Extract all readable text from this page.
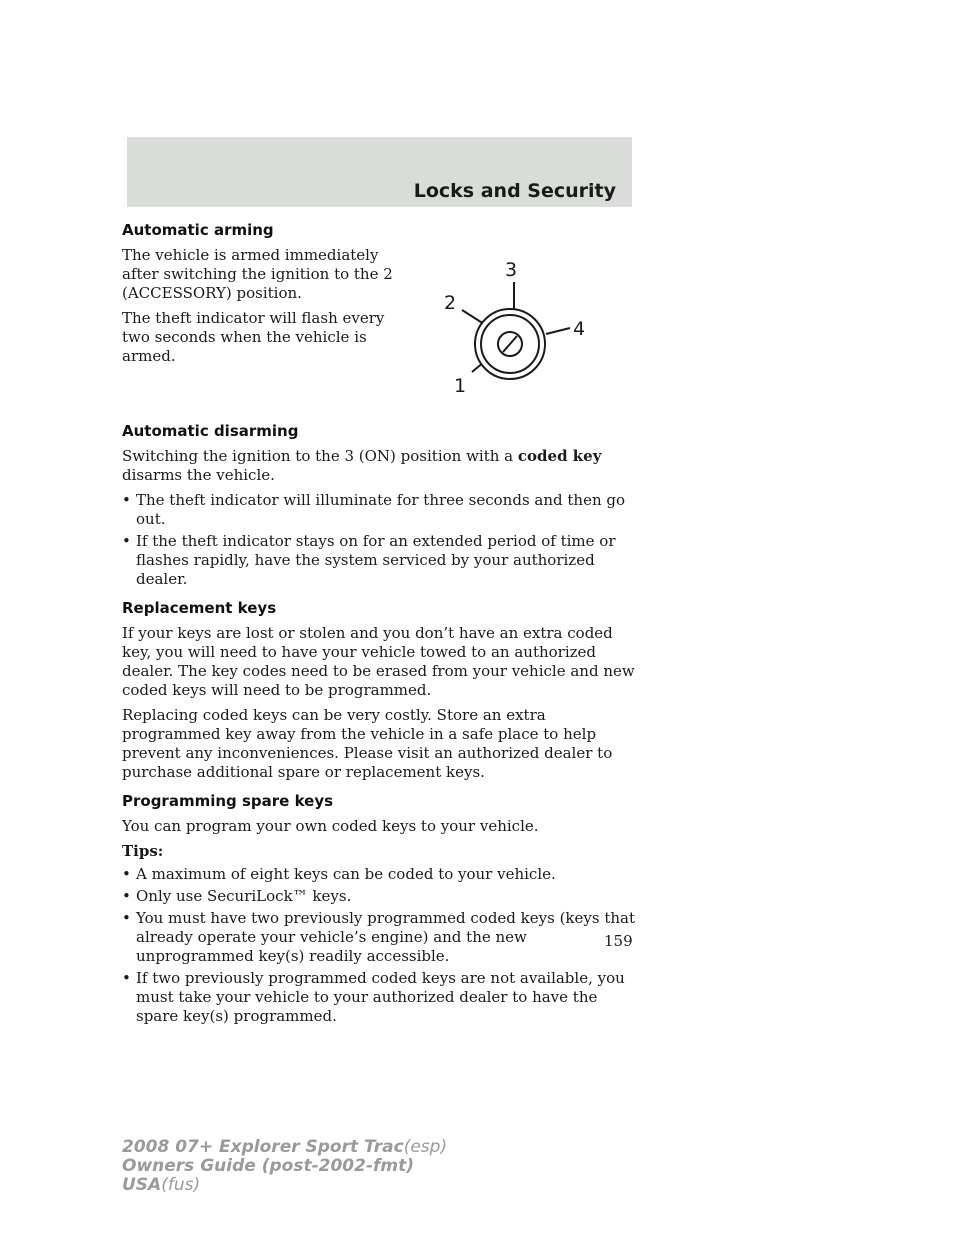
Locks and Security
Automatic arming

The vehicle is armed immediately after switching the ignition to the 2 (ACCESSORY) position.

The theft indicator will flash every two seconds when the vehicle is armed.

Automatic disarming

Switching the ignition to the 3 (ON) position with a coded key disarms the vehicle.

• The theft indicator will illuminate for three seconds and then go out.
• If the theft indicator stays on for an extended period of time or flashes rapidly, have the system serviced by your authorized dealer.
Replacement keys

If your keys are lost or stolen and you don’t have an extra coded key, you will need to have your vehicle towed to an authorized dealer. The key codes need to be erased from your vehicle and new coded keys will need to be programmed.

Replacing coded keys can be very costly. Store an extra programmed key away from the vehicle in a safe place to help prevent any inconveniences. Please visit an authorized dealer to purchase additional spare or replacement keys.

Programming spare keys

You can program your own coded keys to your vehicle.

Tips:

• A maximum of eight keys can be coded to your vehicle.
• Only use SecuriLock™ keys.
• You must have two previously programmed coded keys (keys that already operate your vehicle’s engine) and the new unprogrammed key(s) readily accessible.
• If two previously programmed coded keys are not available, you must take your vehicle to your authorized dealer to have the spare key(s) programmed.
3
2
4
1
159
2008 07+ Explorer Sport Trac(esp)
Owners Guide (post-2002-fmt)
USA(fus)
